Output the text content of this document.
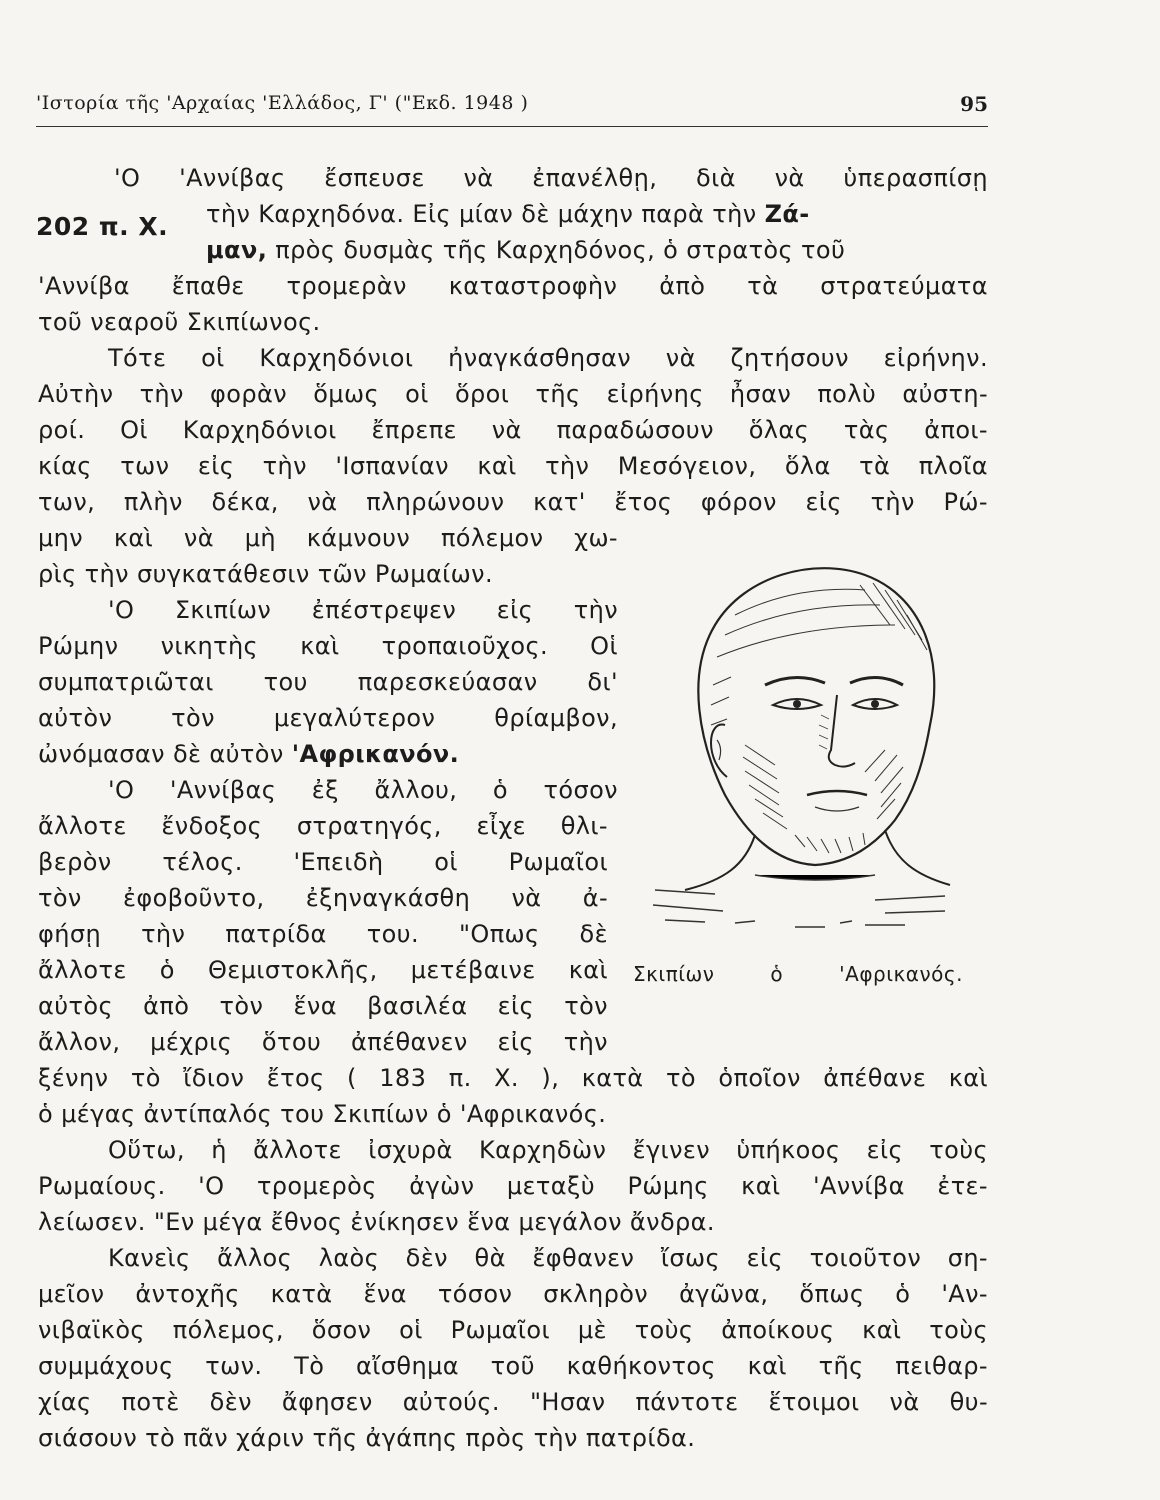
'Ιστορία τῆς 'Αρχαίας 'Ελλάδος, Γ' ("Εκδ. 1948 )	95
202 π. Χ.
'Ο 'Αννίβας ἔσπευσε νὰ ἐπανέλθῃ, διὰ νὰ ὑπερασπίσῃ
τὴν Καρχηδόνα. Εἰς μίαν δὲ μάχην παρὰ τὴν Ζά-
μαν, πρὸς δυσμὰς τῆς Καρχηδόνος, ὁ στρατὸς τοῦ
'Αννίβα ἔπαθε τρομερὰν καταστροφὴν ἀπὸ τὰ στρατεύματα
τοῦ νεαροῦ Σκιπίωνος.
Τότε οἱ Καρχηδόνιοι ἠναγκάσθησαν νὰ ζητήσουν εἰρήνην.
Αὐτὴν τὴν φορὰν ὅμως οἱ ὅροι τῆς εἰρήνης ἦσαν πολὺ αὐστη-
ροί. Οἱ Καρχηδόνιοι ἔπρεπε νὰ παραδώσουν ὅλας τὰς ἀποι-
κίας των εἰς τὴν 'Ισπανίαν καὶ τὴν Μεσόγειον, ὅλα τὰ πλοῖα
των, πλὴν δέκα, νὰ πληρώνουν κατ' ἔτος φόρον εἰς τὴν Ρώ-
μην καὶ νὰ μὴ κάμνουν πόλεμον χω-
ρὶς τὴν συγκατάθεσιν τῶν Ρωμαίων.
'Ο Σκιπίων ἐπέστρεψεν εἰς τὴν
Ρώμην νικητὴς καὶ τροπαιοῦχος. Οἱ
συμπατριῶται του παρεσκεύασαν δι'
αὐτὸν τὸν μεγαλύτερον θρίαμβον,
ὠνόμασαν δὲ αὐτὸν 'Αφρικανόν.
'Ο 'Αννίβας ἐξ ἄλλου, ὁ τόσον
ἄλλοτε ἔνδοξος στρατηγός, εἶχε θλι-
βερὸν τέλος. 'Επειδὴ οἱ Ρωμαῖοι
τὸν ἐφοβοῦντο, ἐξηναγκάσθη νὰ ἀ-
φήσῃ τὴν πατρίδα του. "Οπως δὲ
ἄλλοτε ὁ Θεμιστοκλῆς, μετέβαινε καὶ
αὐτὸς ἀπὸ τὸν ἕνα βασιλέα εἰς τὸν
ἄλλον, μέχρις ὅτου ἀπέθανεν εἰς τὴν
ξένην τὸ ἴδιον ἔτος ( 183 π. Χ. ), κατὰ τὸ ὁποῖον ἀπέθανε καὶ
ὁ μέγας ἀντίπαλός του Σκιπίων ὁ 'Αφρικανός.
Οὕτω, ἡ ἄλλοτε ἰσχυρὰ Καρχηδὼν ἔγινεν ὑπήκοος εἰς τοὺς
Ρωμαίους. 'Ο τρομερὸς ἀγὼν μεταξὺ Ρώμης καὶ 'Αννίβα ἐτε-
λείωσεν. "Εν μέγα ἔθνος ἐνίκησεν ἕνα μεγάλον ἄνδρα.
Κανεὶς ἄλλος λαὸς δὲν θὰ ἔφθανεν ἴσως εἰς τοιοῦτον ση-
μεῖον ἀντοχῆς κατὰ ἕνα τόσον σκληρὸν ἀγῶνα, ὅπως ὁ 'Αν-
νιβαϊκὸς πόλεμος, ὅσον οἱ Ρωμαῖοι μὲ τοὺς ἀποίκους καὶ τοὺς
συμμάχους των. Τὸ αἴσθημα τοῦ καθήκοντος καὶ τῆς πειθαρ-
χίας ποτὲ δὲν ἄφησεν αὐτούς. "Ησαν πάντοτε ἕτοιμοι νὰ θυ-
σιάσουν τὸ πᾶν χάριν τῆς ἀγάπης πρὸς τὴν πατρίδα.
Σκιπίων ὁ 'Αφρικανός.
